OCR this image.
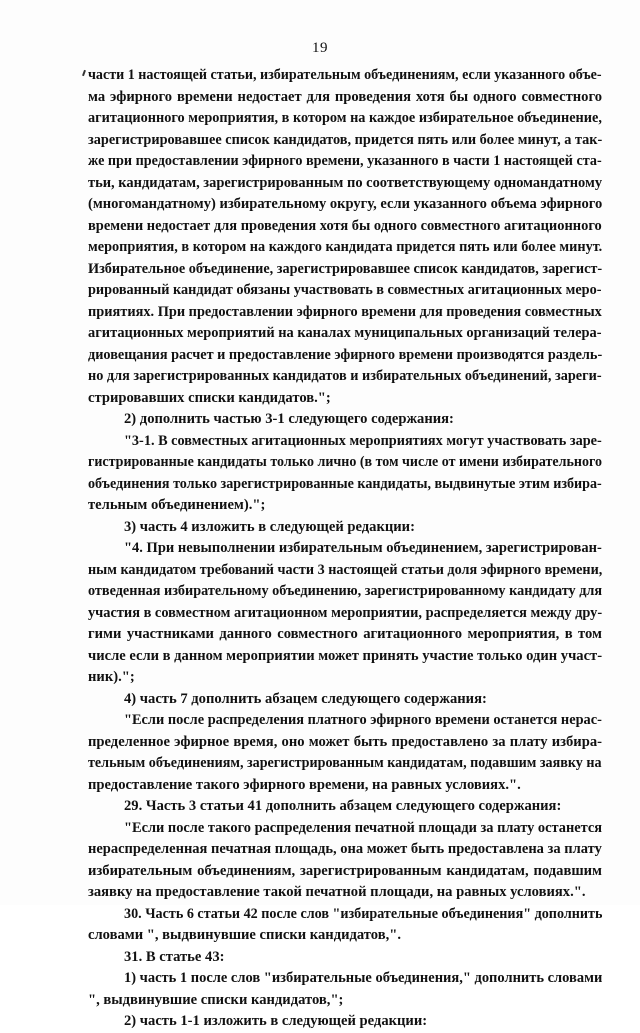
19
части 1 настоящей статьи, избирательным объединениям, если указанного объе-
ма эфирного времени недостает для проведения хотя бы одного совместного
агитационного мероприятия, в котором на каждое избирательное объединение,
зарегистрировавшее список кандидатов, придется пять или более минут, а так-
же при предоставлении эфирного времени, указанного в части 1 настоящей ста-
тьи, кандидатам, зарегистрированным по соответствующему одномандатному
(многомандатному) избирательному округу, если указанного объема эфирного
времени недостает для проведения хотя бы одного совместного агитационного
мероприятия, в котором на каждого кандидата придется пять или более минут.
Избирательное объединение, зарегистрировавшее список кандидатов, зарегист-
рированный кандидат обязаны участвовать в совместных агитационных меро-
приятиях. При предоставлении эфирного времени для проведения совместных
агитационных мероприятий на каналах муниципальных организаций телера-
диовещания расчет и предоставление эфирного времени производятся раздель-
но для зарегистрированных кандидатов и избирательных объединений, зареги-
стрировавших списки кандидатов.";
2) дополнить частью 3-1 следующего содержания:
"3-1. В совместных агитационных мероприятиях могут участвовать заре-
гистрированные кандидаты только лично (в том числе от имени избирательного
объединения только зарегистрированные кандидаты, выдвинутые этим избира-
тельным объединением).";
3) часть 4 изложить в следующей редакции:
"4. При невыполнении избирательным объединением, зарегистрирован-
ным кандидатом требований части 3 настоящей статьи доля эфирного времени,
отведенная избирательному объединению, зарегистрированному кандидату для
участия в совместном агитационном мероприятии, распределяется между дру-
гими участниками данного совместного агитационного мероприятия, в том
числе если в данном мероприятии может принять участие только один участ-
ник).";
4) часть 7 дополнить абзацем следующего содержания:
"Если после распределения платного эфирного времени останется нерас-
пределенное эфирное время, оно может быть предоставлено за плату избира-
тельным объединениям, зарегистрированным кандидатам, подавшим заявку на
предоставление такого эфирного времени, на равных условиях.".
29. Часть 3 статьи 41 дополнить абзацем следующего содержания:
"Если после такого распределения печатной площади за плату останется
нераспределенная печатная площадь, она может быть предоставлена за плату
избирательным объединениям, зарегистрированным кандидатам, подавшим
заявку на предоставление такой печатной площади, на равных условиях.".
30. Часть 6 статьи 42 после слов "избирательные объединения" дополнить
словами ", выдвинувшие списки кандидатов,".
31. В статье 43:
1) часть 1 после слов "избирательные объединения," дополнить словами
", выдвинувшие списки кандидатов,";
2) часть 1-1 изложить в следующей редакции:
